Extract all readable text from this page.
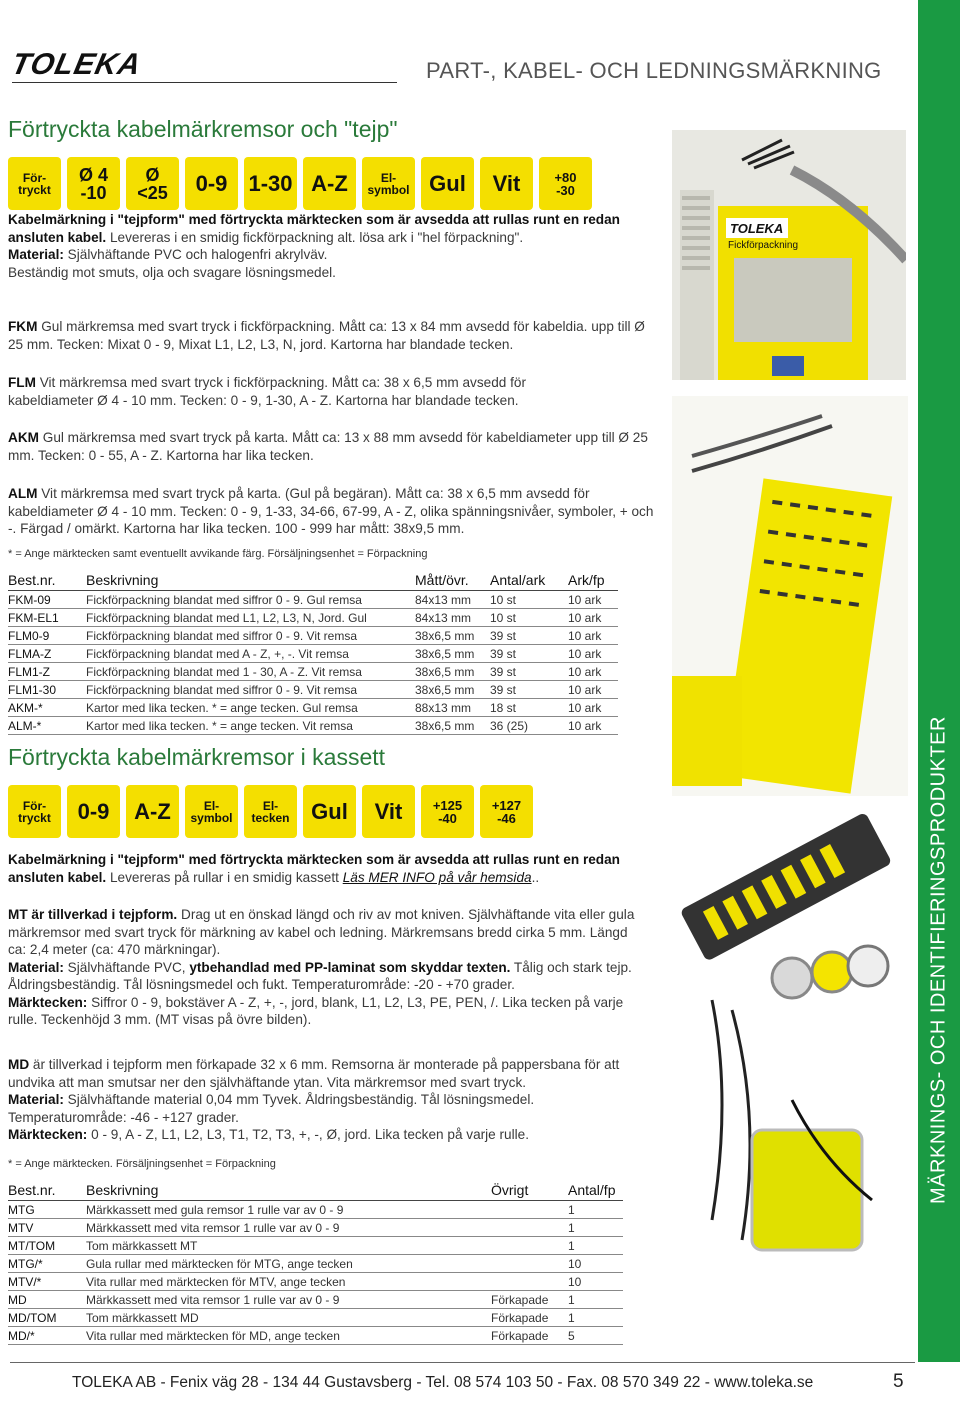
TOLEKA	PART-, KABEL- OCH LEDNINGSMÄRKNING
MÄRKNINGS- OCH IDENTIFIERINGSPRODUKTER
Förtryckta kabelmärkremsor och "tejp"
För-
tryckt
Ø 4
-10
Ø
<25	0-9 1-30 A-Z	El-
symbol Gul	Vit	+80
-30
Kabelmärkning i "tejpform" med förtryckta märktecken som är avsedda att rullas runt en redan ansluten kabel. Levereras i en smidig fickförpackning alt. lösa ark i "hel förpackning".
Material: Självhäftande PVC och halogenfri akrylväv.
Beständig mot smuts, olja och svagare lösningsmedel.
FKM Gul märkremsa med svart tryck i fickförpackning. Mått ca: 13 x 84 mm avsedd för kabeldia. upp till Ø 25 mm. Tecken: Mixat 0 - 9, Mixat L1, L2, L3, N, jord. Kartorna har blandade tecken.
FLM Vit märkremsa med svart tryck i fickförpackning. Mått ca: 38 x 6,5 mm avsedd för kabeldiameter Ø 4 - 10 mm. Tecken: 0 - 9, 1-30, A - Z. Kartorna har blandade tecken.
AKM Gul märkremsa med svart tryck på karta. Mått ca: 13 x 88 mm avsedd för kabeldiameter upp till Ø 25 mm. Tecken: 0 - 55, A - Z. Kartorna har lika tecken.
ALM Vit märkremsa med svart tryck på karta. (Gul på begäran). Mått ca: 38 x 6,5 mm avsedd för kabeldiameter Ø 4 - 10 mm. Tecken: 0 - 9, 1-33, 34-66, 67-99, A - Z, olika spänningsnivåer, symboler, + och -. Färgad / omärkt. Kartorna har lika tecken. 100 - 999 har mått: 38x9,5 mm.
* = Ange märktecken samt eventuellt avvikande färg. Försäljningsenhet = Förpackning
Best.nr.	Beskrivning	Mått/övr.	Antal/ark	Ark/fp
FKM-09	Fickförpackning blandat med siffror 0 - 9. Gul remsa	84x13 mm	10 st	10 ark
FKM-EL1	Fickförpackning blandat med L1, L2, L3, N, Jord. Gul	84x13 mm	10 st	10 ark
FLM0-9	Fickförpackning blandat med siffror 0 - 9. Vit remsa	38x6,5 mm	39 st	10 ark
FLMA-Z	Fickförpackning blandat med A - Z, +, -. Vit remsa	38x6,5 mm	39 st	10 ark
FLM1-Z	Fickförpackning blandat med 1 - 30, A - Z. Vit remsa	38x6,5 mm	39 st	10 ark
FLM1-30	Fickförpackning blandat med siffror 0 - 9. Vit remsa	38x6,5 mm	39 st	10 ark
AKM-*	Kartor med lika tecken. * = ange tecken. Gul remsa	88x13 mm	18 st	10 ark
ALM-*	Kartor med lika tecken. * = ange tecken. Vit remsa	38x6,5 mm	36 (25)	10 ark
Förtryckta kabelmärkremsor i kassett
För-
tryckt	0-9	A-Z	El-
symbol
El-
tecken Gul	Vit	+125
-40
+127
-46
Kabelmärkning i "tejpform" med förtryckta märktecken som är avsedda att rullas runt en redan ansluten kabel. Levereras på rullar i en smidig kassett Läs MER INFO på vår hemsida..
MT är tillverkad i tejpform. Drag ut en önskad längd och riv av mot kniven. Självhäftande vita eller gula märkremsor med svart tryck för märkning av kabel och ledning. Märkremsans bredd cirka 5 mm. Längd ca: 2,4 meter (ca: 470 märkningar).
Material: Självhäftande PVC, ytbehandlad med PP-laminat som skyddar texten. Tålig och stark tejp. Åldringsbeständig. Tål lösningsmedel och fukt. Temperaturområde: -20 - +70 grader.
Märktecken: Siffror 0 - 9, bokstäver A - Z, +, -, jord, blank, L1, L2, L3, PE, PEN, /. Lika tecken på varje rulle. Teckenhöjd 3 mm. (MT visas på övre bilden).
MD är tillverkad i tejpform men förkapade 32 x 6 mm. Remsorna är monterade på pappersbana för att undvika att man smutsar ner den självhäftande ytan. Vita märkremsor med svart tryck.
Material: Självhäftande material 0,04 mm Tyvek. Åldringsbeständig. Tål lösningsmedel.
Temperaturområde: -46 - +127 grader.
Märktecken: 0 - 9, A - Z, L1, L2, L3, T1, T2, T3, +, -, Ø, jord. Lika tecken på varje rulle.
* = Ange märktecken. Försäljningsenhet = Förpackning
Best.nr.	Beskrivning	Övrigt	Antal/fp
MTG	Märkkassett med gula remsor 1 rulle var av 0 - 9		1
MTV	Märkkassett med vita remsor 1 rulle var av 0 - 9		1
MT/TOM	Tom märkkassett MT		1
MTG/*	Gula rullar med märktecken för MTG, ange tecken		10
MTV/*	Vita rullar med märktecken för MTV, ange tecken		10
MD	Märkkassett med vita remsor 1 rulle var av 0 - 9	Förkapade	1
MD/TOM	Tom märkkassett MD	Förkapade	1
MD/*	Vita rullar med märktecken för MD, ange tecken	Förkapade	5
TOLEKA
Fickförpackning
TOLEKA AB - Fenix väg 28 - 134 44 Gustavsberg - Tel. 08 574 103 50 - Fax. 08 570 349 22 - www.toleka.se	5
